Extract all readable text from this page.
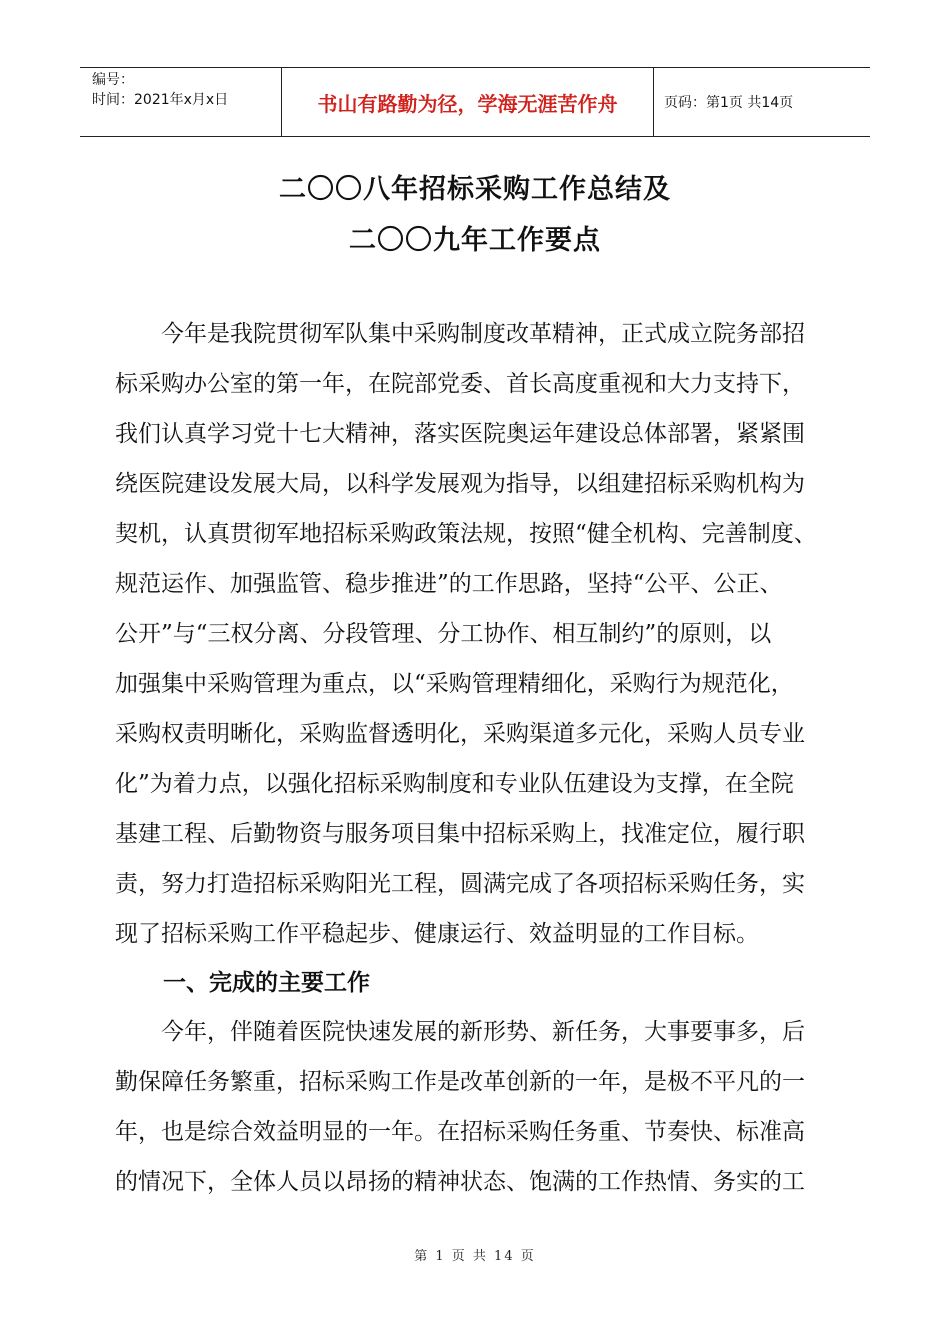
编号：
时间：2021年x月x日	书山有路勤为径，学海无涯苦作舟	页码：第1页 共14页
二〇〇八年招标采购工作总结及
二〇〇九年工作要点
　　今年是我院贯彻军队集中采购制度改革精神，正式成立院务部招
标采购办公室的第一年，在院部党委、首长高度重视和大力支持下，
我们认真学习党十七大精神，落实医院奥运年建设总体部署，紧紧围
绕医院建设发展大局，以科学发展观为指导，以组建招标采购机构为
契机，认真贯彻军地招标采购政策法规，按照“健全机构、完善制度、
规范运作、加强监管、稳步推进”的工作思路，坚持“公平、公正、
公开”与“三权分离、分段管理、分工协作、相互制约”的原则，以
加强集中采购管理为重点，以“采购管理精细化，采购行为规范化，
采购权责明晰化，采购监督透明化，采购渠道多元化，采购人员专业
化”为着力点，以强化招标采购制度和专业队伍建设为支撑，在全院
基建工程、后勤物资与服务项目集中招标采购上，找准定位，履行职
责，努力打造招标采购阳光工程，圆满完成了各项招标采购任务，实
现了招标采购工作平稳起步、健康运行、效益明显的工作目标。
一、完成的主要工作
　　今年，伴随着医院快速发展的新形势、新任务，大事要事多，后
勤保障任务繁重，招标采购工作是改革创新的一年，是极不平凡的一
年，也是综合效益明显的一年。在招标采购任务重、节奏快、标准高
的情况下，全体人员以昂扬的精神状态、饱满的工作热情、务实的工
第 1 页 共 14 页
